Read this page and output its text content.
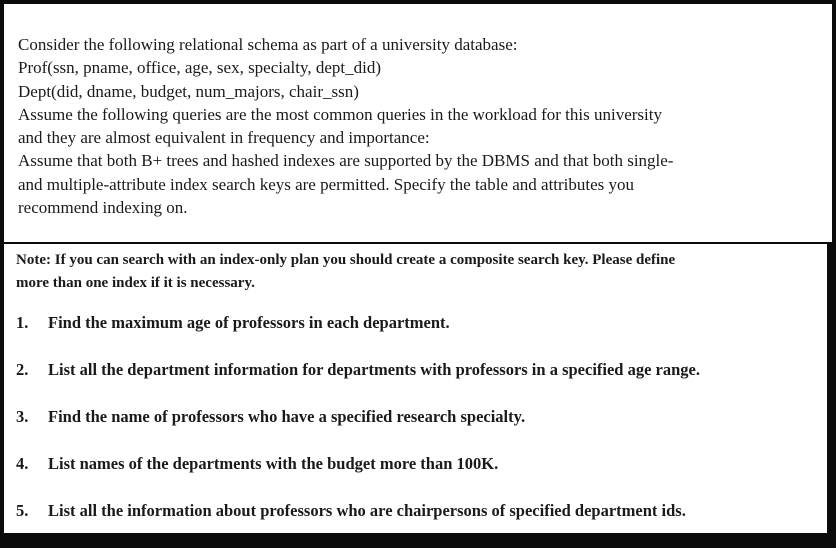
Consider the following relational schema as part of a university database:
Prof(ssn, pname, office, age, sex, specialty, dept_did)
Dept(did, dname, budget, num_majors, chair_ssn)
Assume the following queries are the most common queries in the workload for this university
and they are almost equivalent in frequency and importance:
Assume that both B+ trees and hashed indexes are supported by the DBMS and that both single-
and multiple-attribute index search keys are permitted. Specify the table and attributes you
recommend indexing on.
Note: If you can search with an index-only plan you should create a composite search key. Please define
more than one index if it is necessary.
1. Find the maximum age of professors in each department.
2. List all the department information for departments with professors in a specified age range.
3. Find the name of professors who have a specified research specialty.
4. List names of the departments with the budget more than 100K.
5. List all the information about professors who are chairpersons of specified department ids.
